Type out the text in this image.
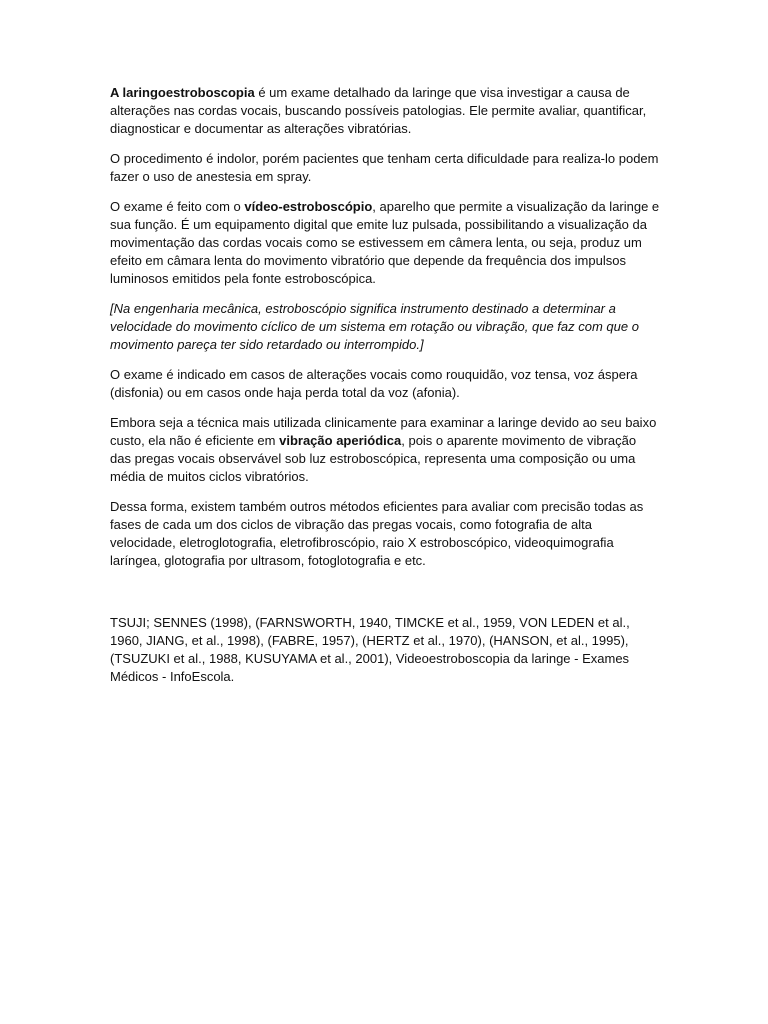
A laringoestroboscopia é um exame detalhado da laringe que visa investigar a causa de alterações nas cordas vocais, buscando possíveis patologias. Ele permite avaliar, quantificar, diagnosticar e documentar as alterações vibratórias.

O procedimento é indolor, porém pacientes que tenham certa dificuldade para realiza-lo podem fazer o uso de anestesia em spray.

O exame é feito com o vídeo-estroboscópio, aparelho que permite a visualização da laringe e sua função. É um equipamento digital que emite luz pulsada, possibilitando a visualização da movimentação das cordas vocais como se estivessem em câmera lenta, ou seja, produz um efeito em câmara lenta do movimento vibratório que depende da frequência dos impulsos luminosos emitidos pela fonte estroboscópica.

[Na engenharia mecânica, estroboscópio significa instrumento destinado a determinar a velocidade do movimento cíclico de um sistema em rotação ou vibração, que faz com que o movimento pareça ter sido retardado ou interrompido.]

O exame é indicado em casos de alterações vocais como rouquidão, voz tensa, voz áspera (disfonia) ou em casos onde haja perda total da voz (afonia).

Embora seja a técnica mais utilizada clinicamente para examinar a laringe devido ao seu baixo custo, ela não é eficiente em vibração aperiódica, pois o aparente movimento de vibração das pregas vocais observável sob luz estroboscópica, representa uma composição ou uma média de muitos ciclos vibratórios.

Dessa forma, existem também outros métodos eficientes para avaliar com precisão todas as fases de cada um dos ciclos de vibração das pregas vocais, como fotografia de alta velocidade, eletroglotografia, eletrofibroscópio, raio X estroboscópico, videoquimografia laríngea, glotografia por ultrasom, fotoglotografia e etc.

TSUJI; SENNES (1998), (FARNSWORTH, 1940, TIMCKE et al., 1959, VON LEDEN et al., 1960, JIANG, et al., 1998), (FABRE, 1957), (HERTZ et al., 1970), (HANSON, et al., 1995), (TSUZUKI et al., 1988, KUSUYAMA et al., 2001), Videoestroboscopia da laringe - Exames Médicos - InfoEscola.
